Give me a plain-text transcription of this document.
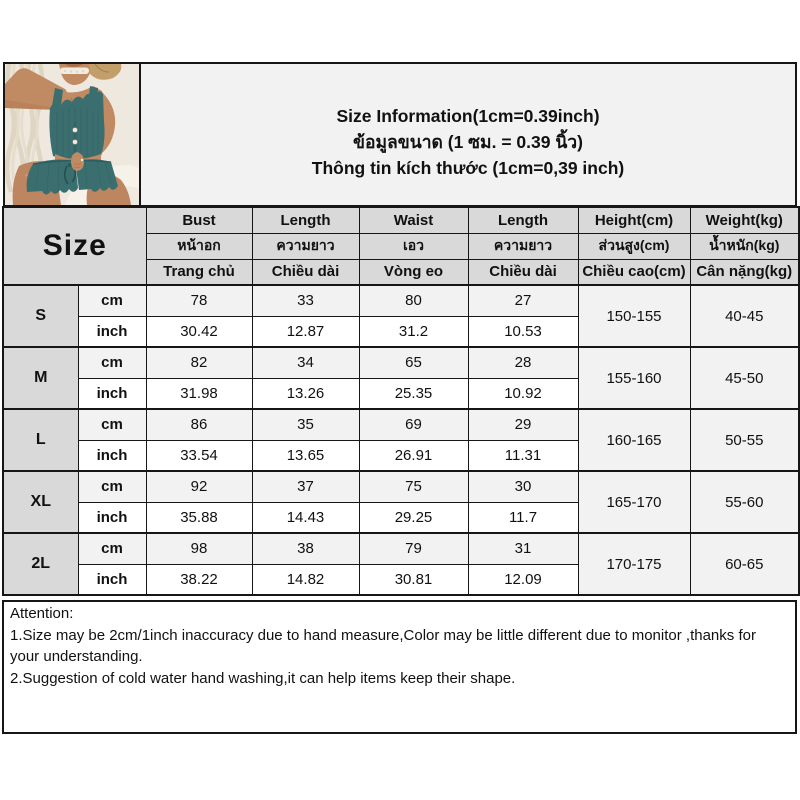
Size Information(1cm=0.39inch)
ข้อมูลขนาด (1 ซม. = 0.39 นิ้ว)
Thông tin kích thước (1cm=0,39 inch)
Size		Bust	Length	Waist	Length	Height(cm)	Weight(kg)
		หน้าอก	ความยาว	เอว	ความยาว	ส่วนสูง(cm)	น้ำหนัก(kg)
		Trang chủ	Chiều dài	Vòng eo	Chiều dài	Chiều cao(cm)	Cân nặng(kg)
S	cm	78	33	80	27	150-155	40-45
	inch	30.42	12.87	31.2	10.53		
M	cm	82	34	65	28	155-160	45-50
	inch	31.98	13.26	25.35	10.92		
L	cm	86	35	69	29	160-165	50-55
	inch	33.54	13.65	26.91	11.31		
XL	cm	92	37	75	30	165-170	55-60
	inch	35.88	14.43	29.25	11.7		
2L	cm	98	38	79	31	170-175	60-65
	inch	38.22	14.82	30.81	12.09		
Attention:
1.Size may be 2cm/1inch inaccuracy due to hand measure,Color may be little different due to monitor ,thanks for your understanding.
2.Suggestion of cold water hand washing,it can help items keep their shape.
